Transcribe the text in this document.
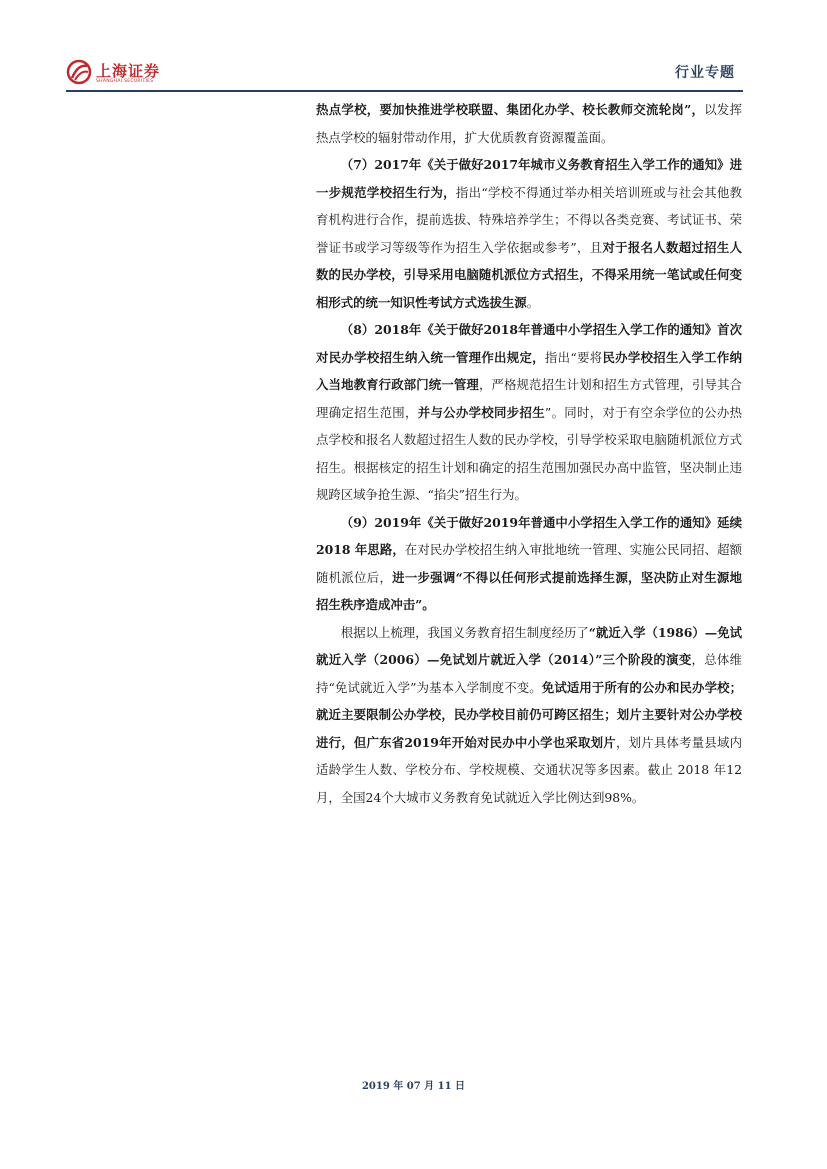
上海证券
SHANGHAI SECURITIES
行业专题

热点学校，要加快推进学校联盟、集团化办学、校长教师交流轮岗”，以发挥热点学校的辐射带动作用，扩大优质教育资源覆盖面。

（7）2017年《关于做好2017年城市义务教育招生入学工作的通知》进一步规范学校招生行为，指出“学校不得通过举办相关培训班或与社会其他教育机构进行合作，提前选拔、特殊培养学生；不得以各类竞赛、考试证书、荣誉证书或学习等级等作为招生入学依据或参考”，且对于报名人数超过招生人数的民办学校，引导采用电脑随机派位方式招生，不得采用统一笔试或任何变相形式的统一知识性考试方式选拔生源。

（8）2018年《关于做好2018年普通中小学招生入学工作的通知》首次对民办学校招生纳入统一管理作出规定，指出“要将民办学校招生入学工作纳入当地教育行政部门统一管理，严格规范招生计划和招生方式管理，引导其合理确定招生范围，并与公办学校同步招生”。同时，对于有空余学位的公办热点学校和报名人数超过招生人数的民办学校，引导学校采取电脑随机派位方式招生。根据核定的招生计划和确定的招生范围加强民办高中监管，坚决制止违规跨区域争抢生源、“掐尖”招生行为。

（9）2019年《关于做好2019年普通中小学招生入学工作的通知》延续 2018 年思路，在对民办学校招生纳入审批地统一管理、实施公民同招、超额随机派位后，进一步强调“不得以任何形式提前选择生源，坚决防止对生源地招生秩序造成冲击”。

根据以上梳理，我国义务教育招生制度经历了“就近入学（1986）—免试就近入学（2006）—免试划片就近入学（2014）”三个阶段的演变，总体维持“免试就近入学”为基本入学制度不变。免试适用于所有的公办和民办学校；就近主要限制公办学校，民办学校目前仍可跨区招生；划片主要针对公办学校进行，但广东省2019年开始对民办中小学也采取划片，划片具体考量县域内适龄学生人数、学校分布、学校规模、交通状况等多因素。截止 2018 年12月，全国24个大城市义务教育免试就近入学比例达到98%。

2019 年 07 月 11 日
